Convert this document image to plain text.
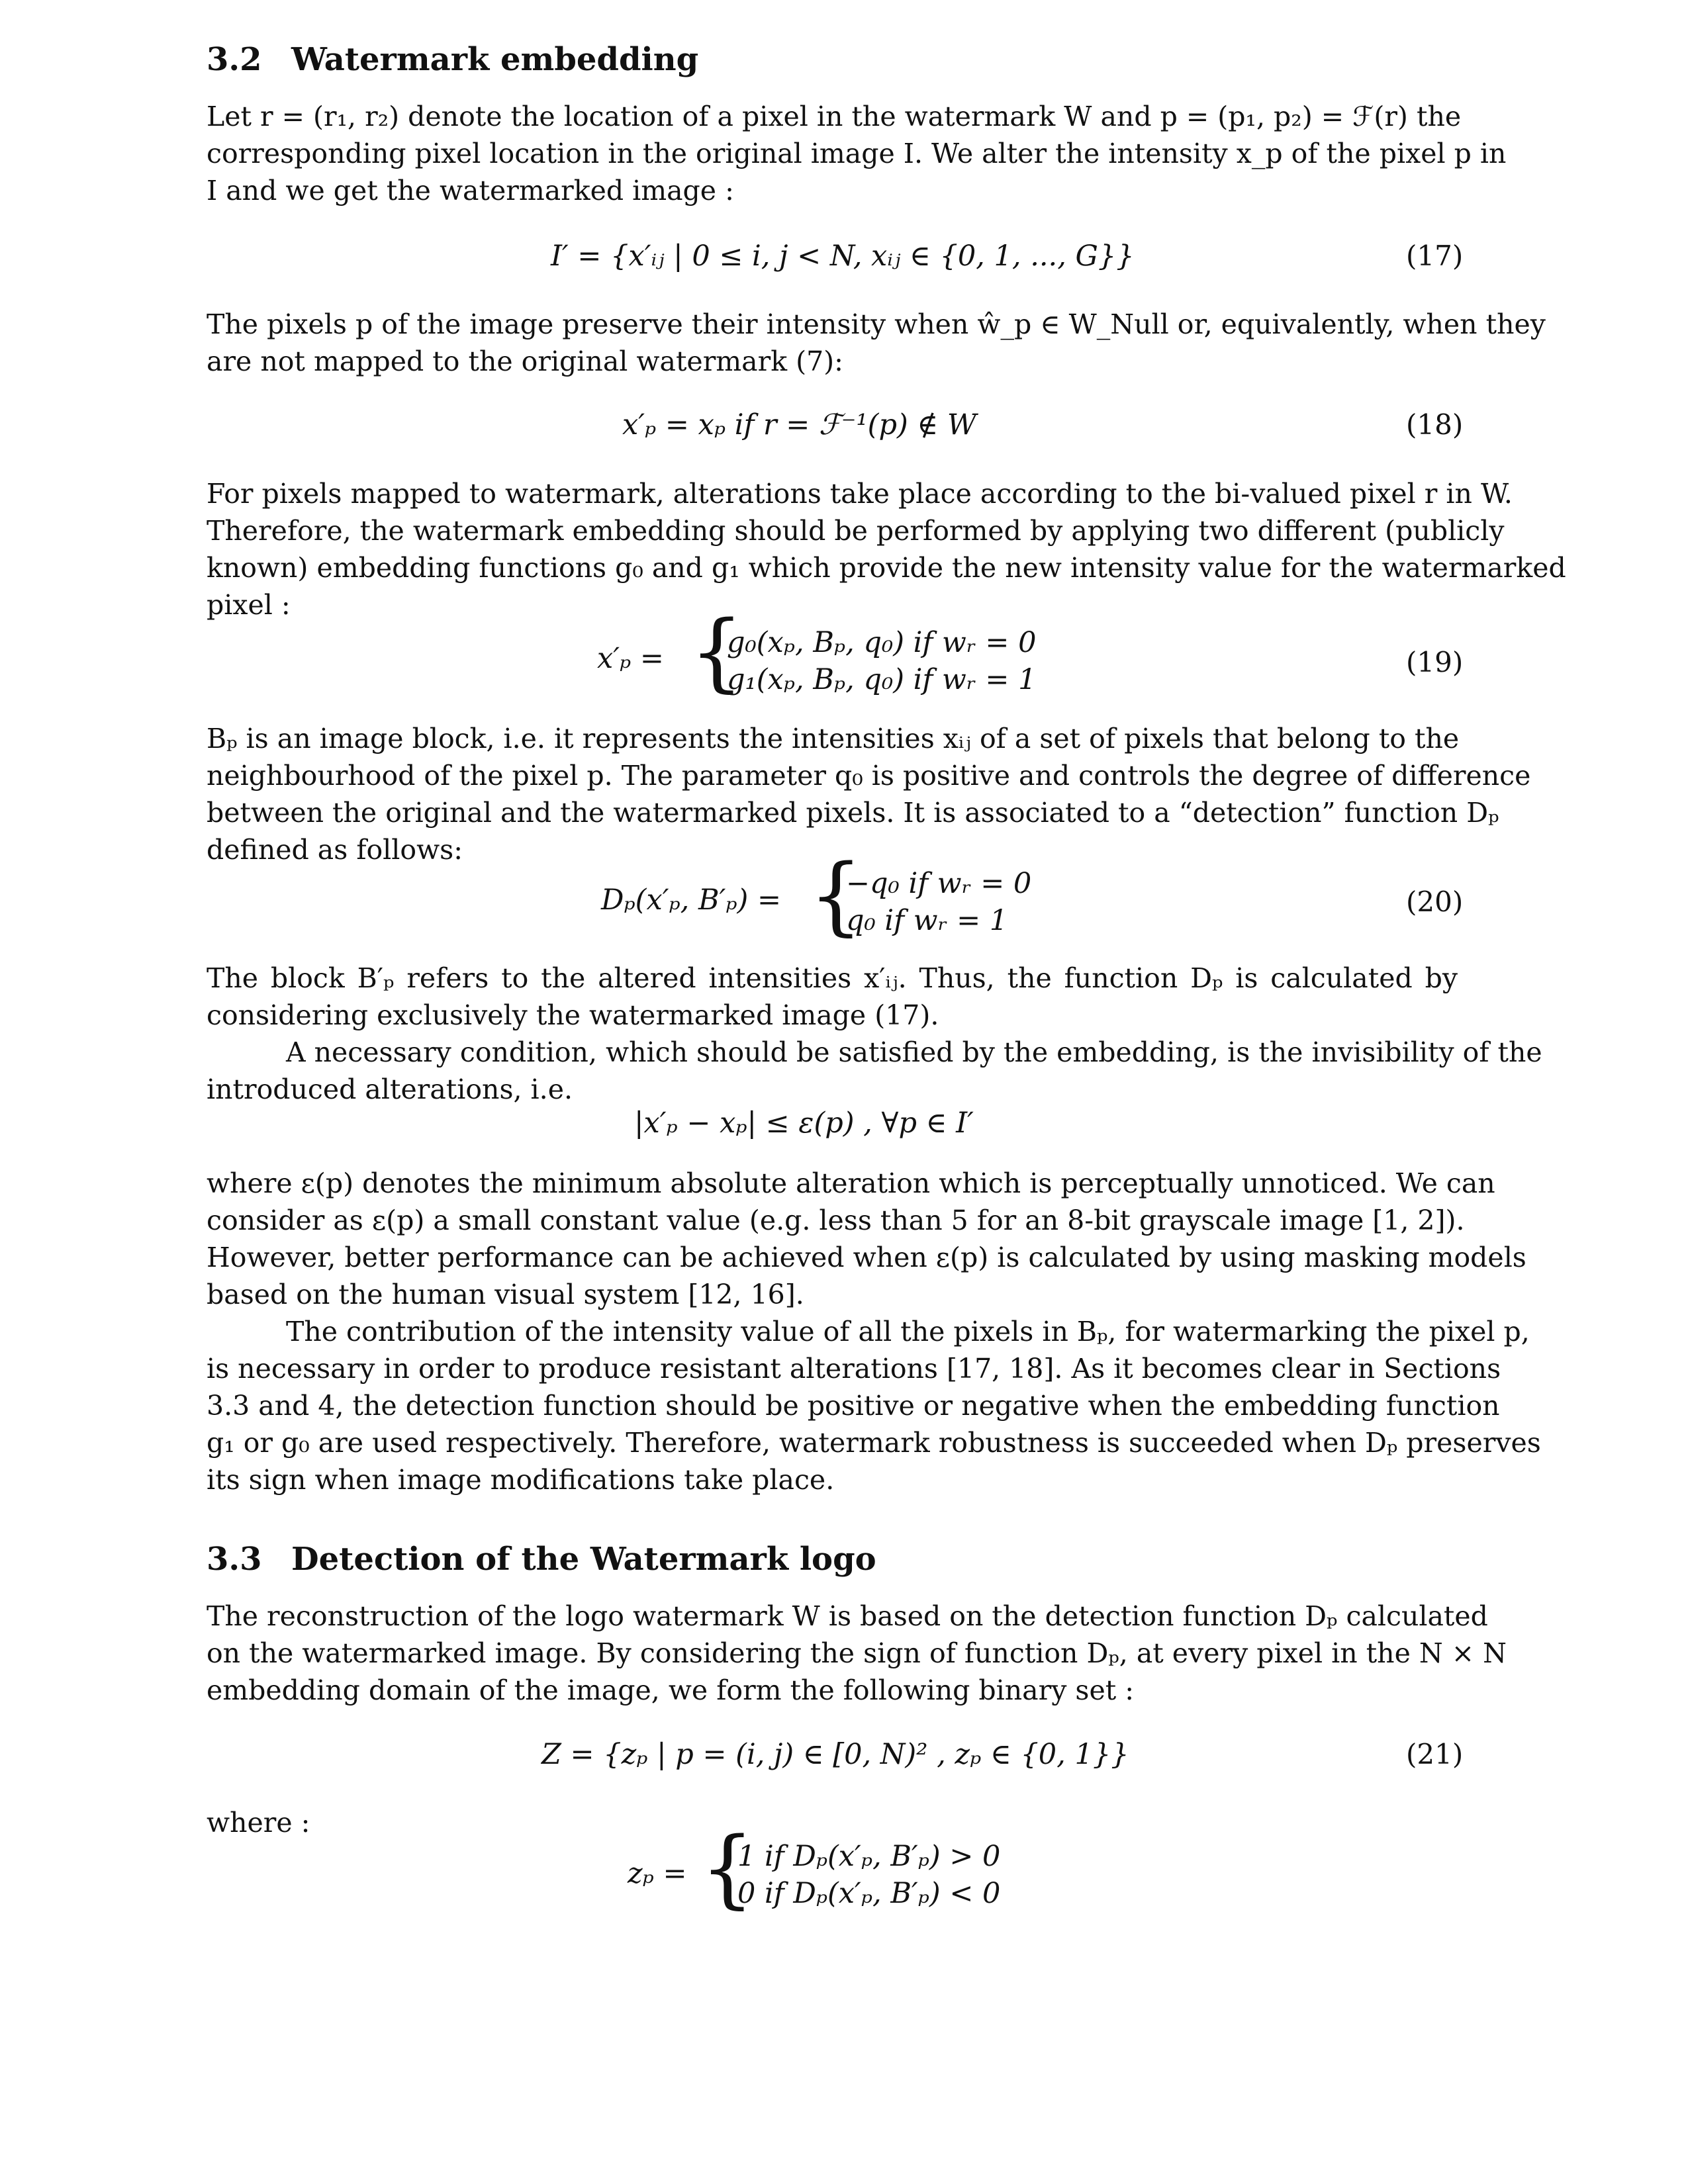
3.2 Watermark embedding
Let r = (r₁, r₂) denote the location of a pixel in the watermark W and p = (p₁, p₂) = ℱ(r) the
corresponding pixel location in the original image I. We alter the intensity x_p of the pixel p in
I and we get the watermarked image :
I′ = {x′ᵢⱼ | 0 ≤ i, j < N, xᵢⱼ ∈ {0, 1, ..., G}}	(17)
The pixels p of the image preserve their intensity when ŵ_p ∈ W_Null or, equivalently, when they
are not mapped to the original watermark (7):
x′ₚ = xₚ if r = ℱ⁻¹(p) ∉ W	(18)
For pixels mapped to watermark, alterations take place according to the bi-valued pixel r in W.
Therefore, the watermark embedding should be performed by applying two different (publicly
known) embedding functions g₀ and g₁ which provide the new intensity value for the watermarked
pixel :
x′ₚ = {
g₀(xₚ, Bₚ, q₀) if wᵣ = 0
g₁(xₚ, Bₚ, q₀) if wᵣ = 1
(19)
Bₚ is an image block, i.e. it represents the intensities xᵢⱼ of a set of pixels that belong to the
neighbourhood of the pixel p. The parameter q₀ is positive and controls the degree of difference
between the original and the watermarked pixels. It is associated to a “detection” function Dₚ
defined as follows:
Dₚ(x′ₚ, B′ₚ) = {
−q₀ if wᵣ = 0
q₀ if wᵣ = 1
(20)
The block B′ₚ refers to the altered intensities x′ᵢⱼ. Thus, the function Dₚ is calculated by
considering exclusively the watermarked image (17).
A necessary condition, which should be satisfied by the embedding, is the invisibility of the
introduced alterations, i.e.
|x′ₚ − xₚ| ≤ ε(p) , ∀p ∈ I′
where ε(p) denotes the minimum absolute alteration which is perceptually unnoticed. We can
consider as ε(p) a small constant value (e.g. less than 5 for an 8-bit grayscale image [1, 2]).
However, better performance can be achieved when ε(p) is calculated by using masking models
based on the human visual system [12, 16].
The contribution of the intensity value of all the pixels in Bₚ, for watermarking the pixel p,
is necessary in order to produce resistant alterations [17, 18]. As it becomes clear in Sections
3.3 and 4, the detection function should be positive or negative when the embedding function
g₁ or g₀ are used respectively. Therefore, watermark robustness is succeeded when Dₚ preserves
its sign when image modifications take place.
3.3 Detection of the Watermark logo
The reconstruction of the logo watermark W is based on the detection function Dₚ calculated
on the watermarked image. By considering the sign of function Dₚ, at every pixel in the N × N
embedding domain of the image, we form the following binary set :
Z = {zₚ | p = (i, j) ∈ [0, N)² , zₚ ∈ {0, 1}}	(21)
where :
zₚ = {
1 if Dₚ(x′ₚ, B′ₚ) > 0
0 if Dₚ(x′ₚ, B′ₚ) < 0
